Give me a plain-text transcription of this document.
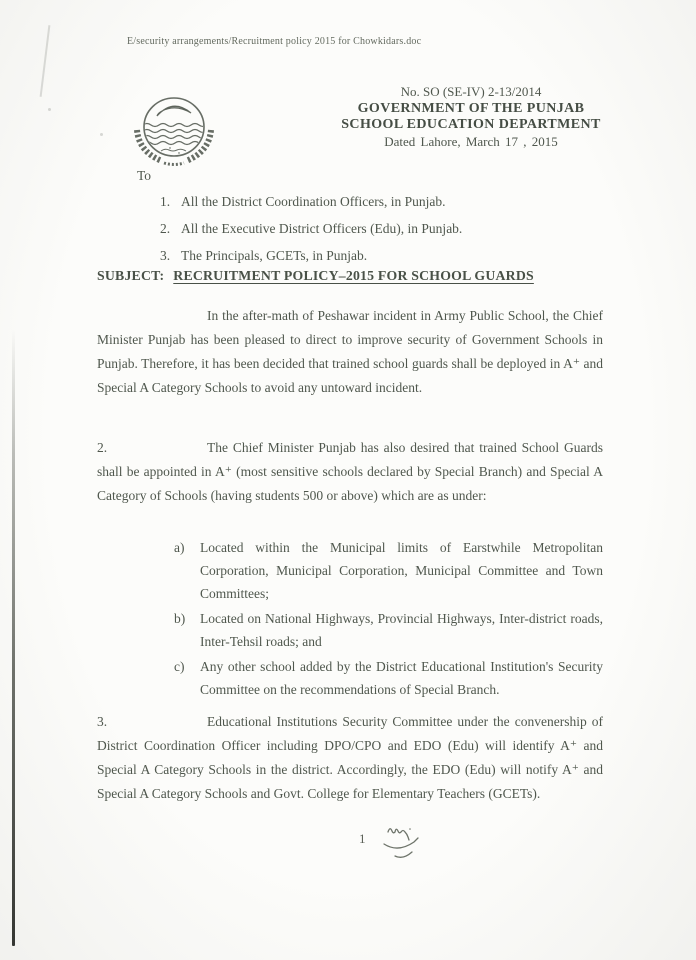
E/security arrangements/Recruitment policy 2015 for Chowkidars.doc
No. SO (SE-IV) 2-13/2014
GOVERNMENT OF THE PUNJAB
SCHOOL EDUCATION DEPARTMENT
Dated Lahore, March 17 , 2015
To
1. All the District Coordination Officers, in Punjab.
2. All the Executive District Officers (Edu), in Punjab.
3. The Principals, GCETs, in Punjab.
SUBJECT: RECRUITMENT POLICY–2015 FOR SCHOOL GUARDS
In the after-math of Peshawar incident in Army Public School, the Chief Minister Punjab has been pleased to direct to improve security of Government Schools in Punjab. Therefore, it has been decided that trained school guards shall be deployed in A⁺ and Special A Category Schools to avoid any untoward incident.
2.	The Chief Minister Punjab has also desired that trained School Guards shall be appointed in A⁺ (most sensitive schools declared by Special Branch) and Special A Category of Schools (having students 500 or above) which are as under:
a)	Located within the Municipal limits of Earstwhile Metropolitan Corporation, Municipal Corporation, Municipal Committee and Town Committees;
b)	Located on National Highways, Provincial Highways, Inter-district roads, Inter-Tehsil roads; and
c)	Any other school added by the District Educational Institution's Security Committee on the recommendations of Special Branch.
3.	Educational Institutions Security Committee under the convenership of District Coordination Officer including DPO/CPO and EDO (Edu) will identify A⁺ and Special A Category Schools in the district. Accordingly, the EDO (Edu) will notify A⁺ and Special A Category Schools and Govt. College for Elementary Teachers (GCETs).
1
